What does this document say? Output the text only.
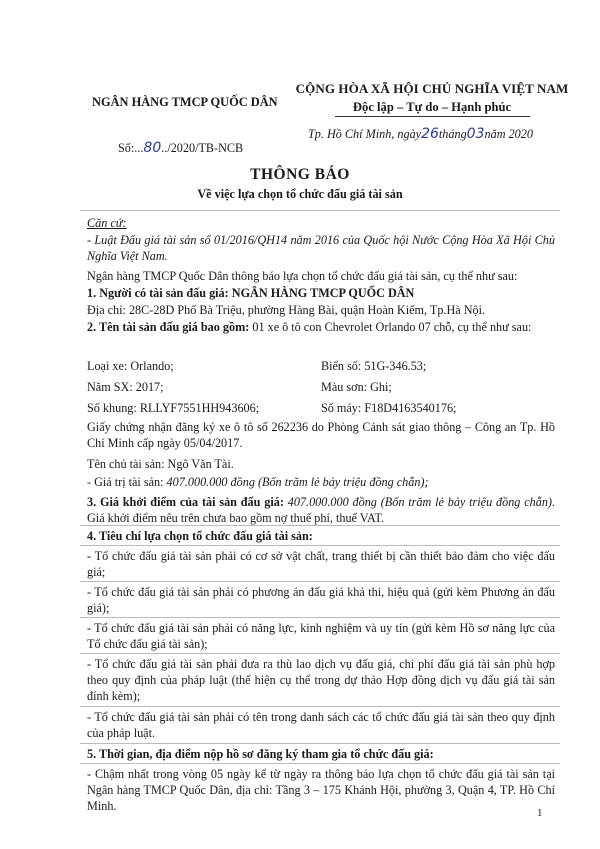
NGÂN HÀNG TMCP QUỐC DÂN
CỘNG HÒA XÃ HỘI CHỦ NGHĨA VIỆT NAM
Độc lập – Tự do – Hạnh phúc
Tp. Hồ Chí Minh, ngày26tháng03năm 2020
Số:...80../2020/TB-NCB
THÔNG BÁO
Về việc lựa chọn tổ chức đấu giá tài sản
Căn cứ:
- Luật Đấu giá tài sản số 01/2016/QH14 năm 2016 của Quốc hội Nước Cộng Hòa Xã Hội Chủ Nghĩa Việt Nam.
Ngân hàng TMCP Quốc Dân thông báo lựa chọn tổ chức đấu giá tài sản, cụ thể như sau:
1. Người có tài sản đấu giá: NGÂN HÀNG TMCP QUỐC DÂN
Địa chỉ: 28C-28D Phố Bà Triệu, phường Hàng Bài, quận Hoàn Kiếm, Tp.Hà Nội.
2. Tên tài sản đấu giá bao gồm: 01 xe ô tô con Chevrolet Orlando 07 chỗ, cụ thể như sau:
Loại xe: Orlando;	Biển số: 51G-346.53;
Năm SX: 2017;	Màu sơn: Ghi;
Số khung: RLLYF7551HH943606;	Số máy: F18D4163540176;
Giấy chứng nhận đăng ký xe ô tô số 262236 do Phòng Cảnh sát giao thông – Công an Tp. Hồ Chí Minh cấp ngày 05/04/2017.
Tên chủ tài sản: Ngô Văn Tài.
- Giá trị tài sản: 407.000.000 đồng (Bốn trăm lẻ bảy triệu đồng chẵn);
3. Giá khởi điểm của tài sản đấu giá: 407.000.000 đồng (Bốn trăm lẻ bảy triệu đồng chẵn). Giá khởi điểm nêu trên chưa bao gồm nợ thuế phí, thuế VAT.
4. Tiêu chí lựa chọn tổ chức đấu giá tài sản:
- Tổ chức đấu giá tài sản phải có cơ sở vật chất, trang thiết bị cần thiết bảo đảm cho việc đấu giá;
- Tổ chức đấu giá tài sản phải có phương án đấu giá khả thi, hiệu quả (gửi kèm Phương án đấu giá);
- Tổ chức đấu giá tài sản phải có năng lực, kinh nghiệm và uy tín (gửi kèm Hồ sơ năng lực của Tổ chức đấu giá tài sản);
- Tổ chức đấu giá tài sản phải đưa ra thù lao dịch vụ đấu giá, chi phí đấu giá tài sản phù hợp theo quy định của pháp luật (thể hiện cụ thể trong dự thảo Hợp đồng dịch vụ đấu giá tài sản đính kèm);
- Tổ chức đấu giá tài sản phải có tên trong danh sách các tổ chức đấu giá tài sản theo quy định của pháp luật.
5. Thời gian, địa điểm nộp hồ sơ đăng ký tham gia tổ chức đấu giá:
- Chậm nhất trong vòng 05 ngày kể từ ngày ra thông báo lựa chọn tổ chức đấu giá tài sản tại Ngân hàng TMCP Quốc Dân, địa chỉ: Tầng 3 – 175 Khánh Hội, phường 3, Quận 4, TP. Hồ Chí Minh.	1
